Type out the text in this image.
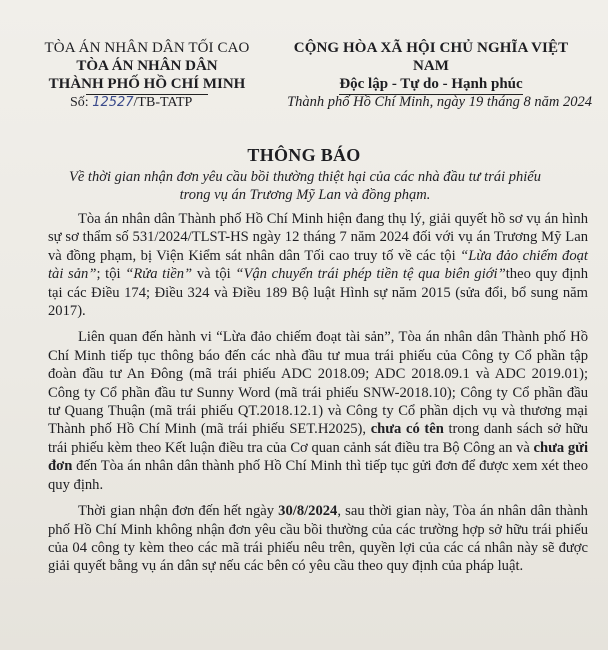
TÒA ÁN NHÂN DÂN TỐI CAO
TÒA ÁN NHÂN DÂN
THÀNH PHỐ HỒ CHÍ MINH
CỘNG HÒA XÃ HỘI CHỦ NGHĨA VIỆT NAM
Độc lập - Tự do - Hạnh phúc
Số: 12527/TB-TATP	Thành phố Hồ Chí Minh, ngày 19 tháng 8 năm 2024
THÔNG BÁO
Về thời gian nhận đơn yêu cầu bồi thường thiệt hại của các nhà đầu tư trái phiếu trong vụ án Trương Mỹ Lan và đồng phạm.

Tòa án nhân dân Thành phố Hồ Chí Minh hiện đang thụ lý, giải quyết hồ sơ vụ án hình sự sơ thẩm số 531/2024/TLST-HS ngày 12 tháng 7 năm 2024 đối với vụ án Trương Mỹ Lan và đồng phạm, bị Viện Kiểm sát nhân dân Tối cao truy tố về các tội “Lừa đảo chiếm đoạt tài sản”; tội “Rửa tiền” và tội “Vận chuyển trái phép tiền tệ qua biên giới”theo quy định tại các Điều 174; Điều 324 và Điều 189 Bộ luật Hình sự năm 2015 (sửa đổi, bổ sung năm 2017).

Liên quan đến hành vi “Lừa đảo chiếm đoạt tài sản”, Tòa án nhân dân Thành phố Hồ Chí Minh tiếp tục thông báo đến các nhà đầu tư mua trái phiếu của Công ty Cổ phần tập đoàn đầu tư An Đông (mã trái phiếu ADC 2018.09; ADC 2018.09.1 và ADC 2019.01); Công ty Cổ phần đầu tư Sunny Word (mã trái phiếu SNW-2018.10); Công ty Cổ phần đầu tư Quang Thuận (mã trái phiếu QT.2018.12.1) và Công ty Cổ phần dịch vụ và thương mại Thành phố Hồ Chí Minh (mã trái phiếu SET.H2025), chưa có tên trong danh sách sở hữu trái phiếu kèm theo Kết luận điều tra của Cơ quan cảnh sát điều tra Bộ Công an và chưa gửi đơn đến Tòa án nhân dân thành phố Hồ Chí Minh thì tiếp tục gửi đơn để được xem xét theo quy định.

Thời gian nhận đơn đến hết ngày 30/8/2024, sau thời gian này, Tòa án nhân dân thành phố Hồ Chí Minh không nhận đơn yêu cầu bồi thường của các trường hợp sở hữu trái phiếu của 04 công ty kèm theo các mã trái phiếu nêu trên, quyền lợi của các cá nhân này sẽ được giải quyết bằng vụ án dân sự nếu các bên có yêu cầu theo quy định của pháp luật.
